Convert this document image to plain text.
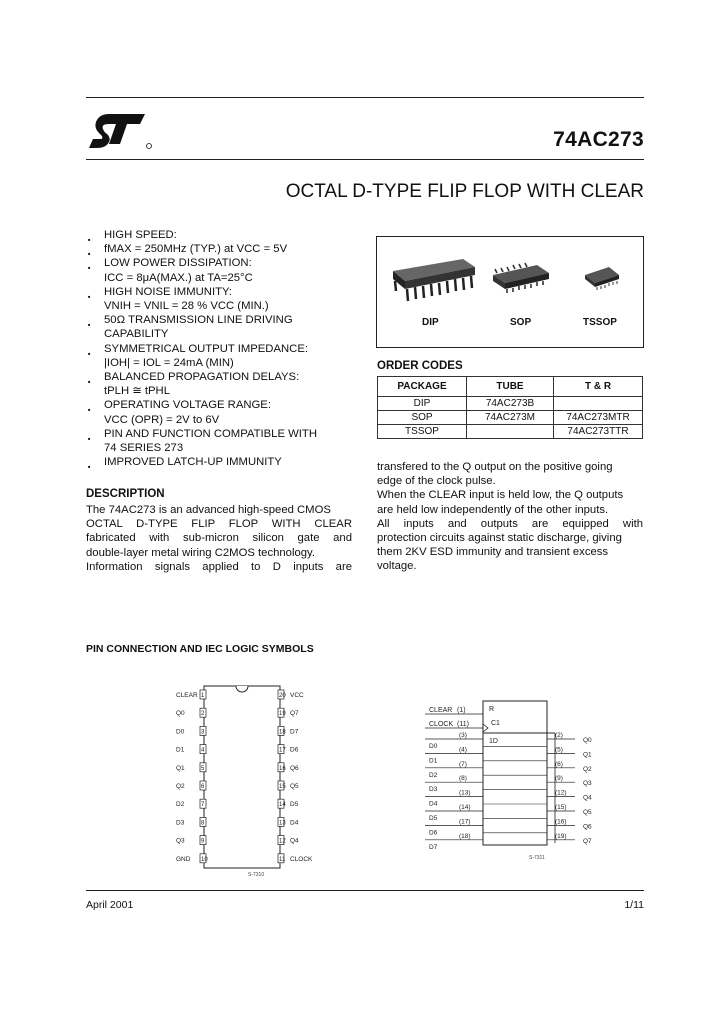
74AC273
OCTAL D-TYPE FLIP FLOP WITH CLEAR
■ HIGH SPEED:
■ fMAX = 250MHz (TYP.) at VCC = 5V
■ LOW POWER DISSIPATION:
ICC = 8μA(MAX.) at TA=25°C
■ HIGH NOISE IMMUNITY:
VNIH = VNIL = 28 % VCC (MIN.)
■ 50Ω TRANSMISSION LINE DRIVING
CAPABILITY
■ SYMMETRICAL OUTPUT IMPEDANCE:
|IOH| = IOL = 24mA (MIN)
■ BALANCED PROPAGATION DELAYS:
tPLH ≅ tPHL
■ OPERATING VOLTAGE RANGE:
VCC (OPR) = 2V to 6V
■ PIN AND FUNCTION COMPATIBLE WITH
74 SERIES 273
■ IMPROVED LATCH-UP IMMUNITY
DIP	SOP	TSSOP
ORDER CODES
PACKAGE	TUBE	T & R
DIP	74AC273B	
SOP	74AC273M	74AC273MTR
TSSOP		74AC273TTR
DESCRIPTION
The 74AC273 is an advanced high-speed CMOS
OCTAL D-TYPE FLIP FLOP WITH CLEAR
fabricated with sub-micron silicon gate and
double-layer metal wiring C2MOS technology.
Information signals applied to D inputs are
transfered to the Q output on the positive going
edge of the clock pulse.
When the CLEAR input is held low, the Q outputs
are held low independently of the other inputs.
All inputs and outputs are equipped with
protection circuits against static discharge, giving
them 2KV ESD immunity and transient excess
voltage.
PIN CONNECTION AND IEC LOGIC SYMBOLS
CLEAR 1	20 VCC
Q0	2	19 Q7
D0	3	18 D7
D1	4	17 D6
Q1	5	16 Q6
Q2	6	15 Q5
D2	7	14 D5
D3	8	13 D4
Q3	9	12 Q4
GND 10	11 CLOCK
S-7310
CLEAR (1)
CLOCK (11)
R
C1
1D
D0
(3)	(2)
Q0
D1
(4)	(5)
Q1
D2
(7)	(6)
Q2
D3
(8)	(9)
Q3
D4
(13)	(12)
Q4
D5
(14)	(15)
Q5
D6
(17)	(16)
Q6
D7
(18)	(19)
Q7
S-7311
April 2001	1/11
